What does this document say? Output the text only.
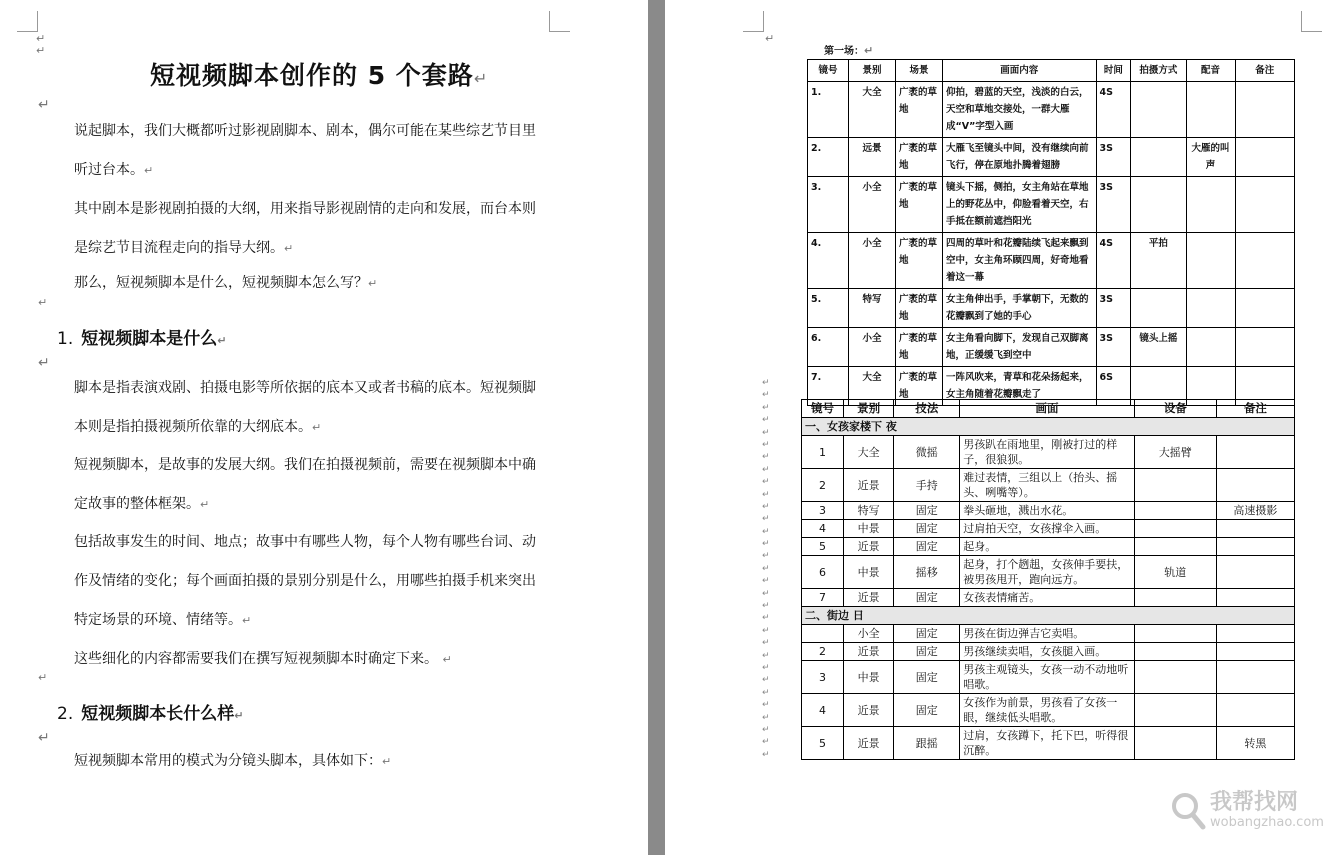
↵
↵
短视频脚本创作的 5 个套路↵
↵
说起脚本，我们大概都听过影视剧脚本、剧本，偶尔可能在某些综艺节目里听过台本。↵
其中剧本是影视剧拍摄的大纲，用来指导影视剧情的走向和发展，而台本则是综艺节目流程走向的指导大纲。↵
那么，短视频脚本是什么，短视频脚本怎么写？↵
↵
1. 短视频脚本是什么↵
↵
脚本是指表演戏剧、拍摄电影等所依据的底本又或者书稿的底本。短视频脚本则是指拍摄视频所依靠的大纲底本。↵
短视频脚本，是故事的发展大纲。我们在拍摄视频前，需要在视频脚本中确定故事的整体框架。↵
包括故事发生的时间、地点；故事中有哪些人物，每个人物有哪些台词、动作及情绪的变化；每个画面拍摄的景别分别是什么，用哪些拍摄手机来突出特定场景的环境、情绪等。↵
这些细化的内容都需要我们在撰写短视频脚本时确定下来。 ↵
↵
2. 短视频脚本长什么样↵
↵
短视频脚本常用的模式为分镜头脚本，具体如下：↵
↵
第一场：↵
镜号	景别	场景	画面内容	时间	拍摄方式	配音	备注
1.	大全	广袤的草地	仰拍，碧蓝的天空，浅淡的白云，天空和草地交接处，一群大雁成“V”字型入画	4S			
2.	远景	广袤的草地	大雁飞至镜头中间，没有继续向前飞行，停在原地扑腾着翅膀	3S		大雁的叫声	
3.	小全	广袤的草地	镜头下摇，侧拍，女主角站在草地上的野花丛中，仰脸看着天空，右手抵在额前遮挡阳光	3S			
4.	小全	广袤的草地	四周的草叶和花瓣陆续飞起来飘到空中，女主角环顾四周，好奇地看着这一幕	4S	平拍		
5.	特写	广袤的草地	女主角伸出手，手掌朝下，无数的花瓣飘到了她的手心	3S			
6.	小全	广袤的草地	女主角看向脚下，发现自己双脚离地，正缓缓飞到空中	3S	镜头上摇		
7.	大全	广袤的草地	一阵风吹来，青草和花朵扬起来，女主角随着花瓣飘走了	6S			
↵
↵
↵
↵
↵
↵
↵
↵
↵
↵
↵
↵
↵
↵
↵
↵
↵
↵
↵
↵
↵
↵
↵
↵
↵
↵
↵
↵
↵
↵
↵
镜号	景别	技法	画面	设备	备注
一、女孩家楼下 夜					
1	大全	微摇	男孩趴在雨地里，刚被打过的样子，很狼狈。	大摇臂	
2	近景	手持	难过表情，三组以上（抬头、摇头、咧嘴等）。		
3	特写	固定	拳头砸地，溅出水花。		高速摄影
4	中景	固定	过肩拍天空，女孩撑伞入画。		
5	近景	固定	起身。		
6	中景	摇移	起身，打个趔趄，女孩伸手要扶，被男孩甩开，跑向远方。	轨道	
7	近景	固定	女孩表情痛苦。		
二、街边 日					
	小全	固定	男孩在街边弹吉它卖唱。		
2	近景	固定	男孩继续卖唱，女孩腿入画。		
3	中景	固定	男孩主观镜头，女孩一动不动地听唱歌。		
4	近景	固定	女孩作为前景，男孩看了女孩一眼，继续低头唱歌。		
5	近景	跟摇	过肩，女孩蹲下，托下巴，听得很沉醉。		转黑
我帮找网
wobangzhao.com
